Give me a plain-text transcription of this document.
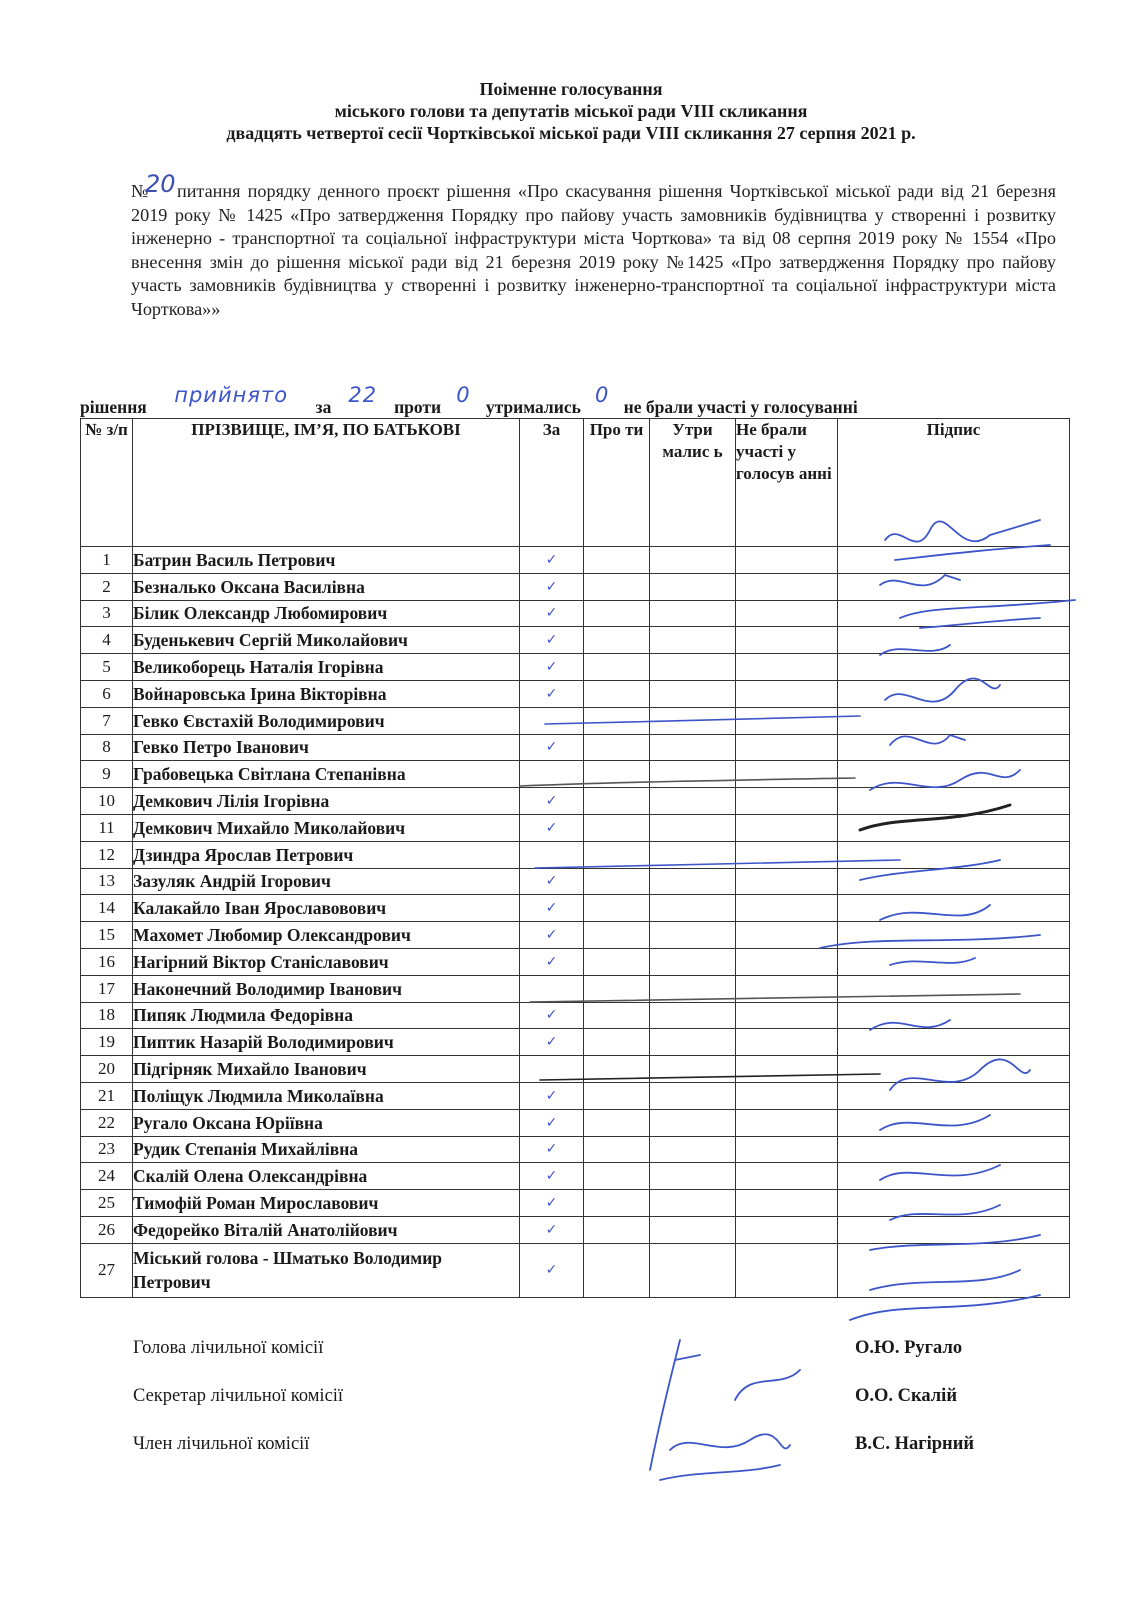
Поіменне голосування
міського голови та депутатів міської ради VIII скликання
двадцять четвертої сесії Чортківської міської ради VIII скликання 27 серпня 2021 р.
№
20 питання порядку денного проєкт рішення «Про скасування рішення Чортківської міської ради від 21 березня 2019 року № 1425 «Про затвердження Порядку про пайову участь замовників будівництва у створенні і розвитку інженерно - транспортної та соціальної інфраструктури міста Чорткова» та від 08 серпня 2019 року № 1554 «Про внесення змін до рішення міської ради від 21 березня 2019 року №1425 «Про затвердження Порядку про пайову участь замовників будівництва у створенні і розвитку інженерно-транспортної та соціальної інфраструктури міста Чорткова»»
рішення	прийнято	за 22 проти 0 утримались 0 не брали участі у голосуванні
№ з/п	ПРІЗВИЩЕ, ІМ’Я, ПО БАТЬКОВІ	За	Про ти	Утри малис ь	Не брали участі у голосув анні	Підпис
1	Батрин Василь Петрович	✓				
2	Безналько Оксана Василівна	✓				
3	Білик Олександр Любомирович	✓				
4	Буденькевич Сергій Миколайович	✓				
5	Великоборець Наталія Ігорівна	✓				
6	Войнаровська Ірина Вікторівна	✓				
7	Гевко Євстахій Володимирович					
8	Гевко Петро Іванович	✓				
9	Грабовецька Світлана Степанівна					
10	Демкович Лілія Ігорівна	✓				
11	Демкович Михайло Миколайович	✓				
12	Дзиндра Ярослав Петрович					
13	Зазуляк Андрій Ігорович	✓				
14	Калакайло Іван Ярославовович	✓				
15	Махомет Любомир Олександрович	✓				
16	Нагірний Віктор Станіславович	✓				
17	Наконечний Володимир Іванович					
18	Пипяк Людмила Федорівна	✓				
19	Пиптик Назарій Володимирович	✓				
20	Підгірняк Михайло Іванович					
21	Поліщук Людмила Миколаївна	✓				
22	Ругало Оксана Юріївна	✓				
23	Рудик Степанія Михайлівна	✓				
24	Скалій Олена Олександрівна	✓				
25	Тимофій Роман Мирославович	✓				
26	Федорейко Віталій Анатолійович	✓				
27	Міський голова - Шматько Володимир Петрович	✓				
Голова лічильної комісії	О.Ю. Ругало
Секретар лічильної комісії	О.О. Скалій
Член лічильної комісії	В.С. Нагірний
